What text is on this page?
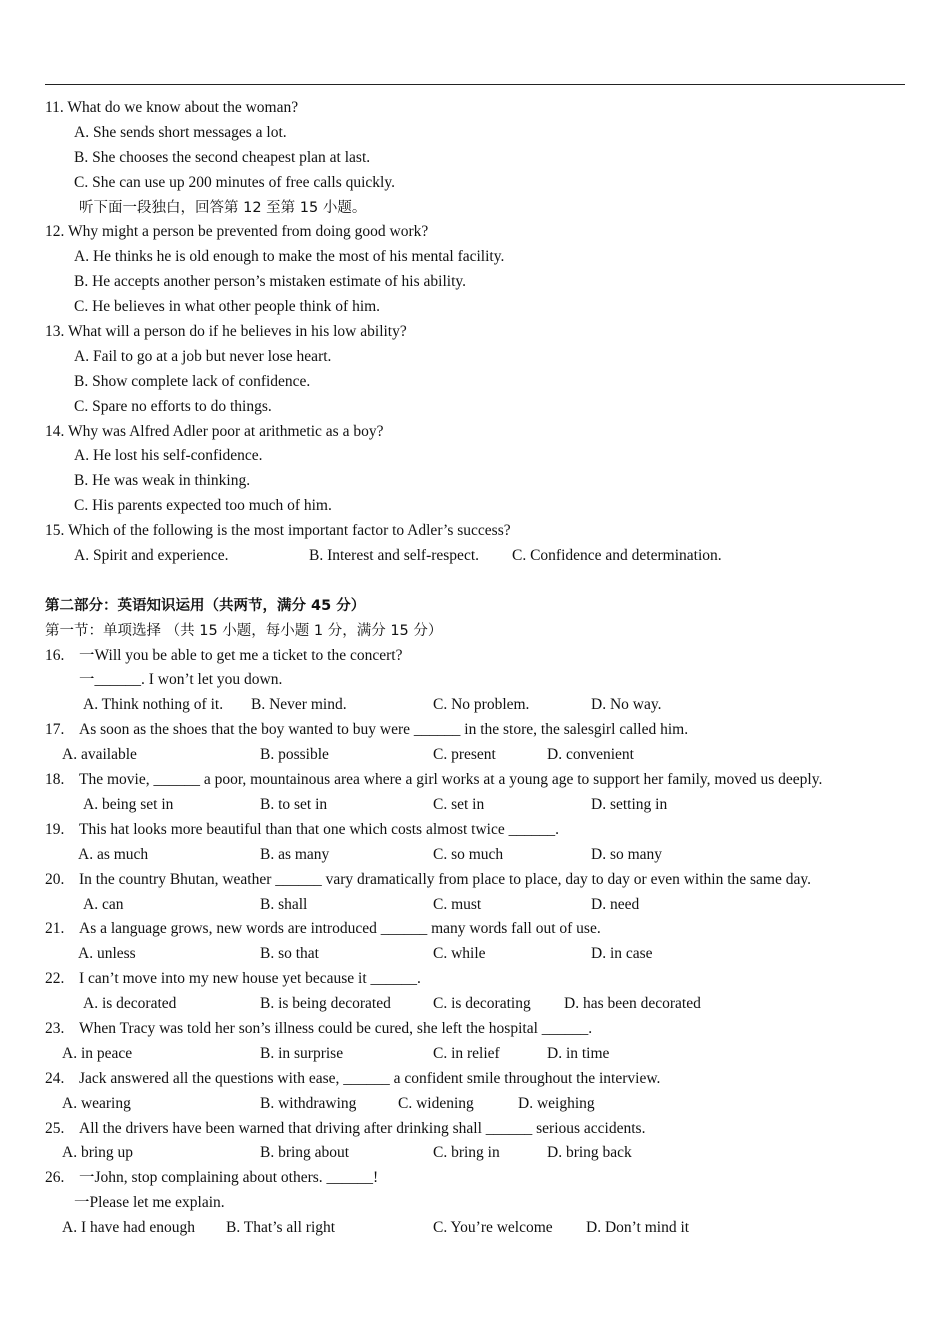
11. What do we know about the woman?
A. She sends short messages a lot.
B. She chooses the second cheapest plan at last.
C. She can use up 200 minutes of free calls quickly.
听下面一段独白，回答第 12 至第 15 小题。
12. Why might a person be prevented from doing good work?
A. He thinks he is old enough to make the most of his mental facility.
B. He accepts another person’s mistaken estimate of his ability.
C. He believes in what other people think of him.
13. What will a person do if he believes in his low ability?
A. Fail to go at a job but never lose heart.
B. Show complete lack of confidence.
C. Spare no efforts to do things.
14. Why was Alfred Adler poor at arithmetic as a boy?
A. He lost his self-confidence.
B. He was weak in thinking.
C. His parents expected too much of him.
15. Which of the following is the most important factor to Adler’s success?
A. Spirit and experience.	B. Interest and self-respect. C. Confidence and determination.
第二部分：英语知识运用（共两节，满分 45 分）
第一节：单项选择 （共 15 小题，每小题 1 分，满分 15 分）
16. 一Will you be able to get me a ticket to the concert?
一______. I won’t let you down.
A. Think nothing of it. B. Never mind.	C. No problem.	D. No way.
17. As soon as the shoes that the boy wanted to buy were ______ in the store, the salesgirl called him.
A. available	B. possible	C. present	D. convenient
18. The movie, ______ a poor, mountainous area where a girl works at a young age to support her family, moved us deeply.
A. being set in	B. to set in	C. set in	D. setting in
19. This hat looks more beautiful than that one which costs almost twice ______.
A. as much	B. as many	C. so much	D. so many
20. In the country Bhutan, weather ______ vary dramatically from place to place, day to day or even within the same day.
A. can	B. shall	C. must	D. need
21. As a language grows, new words are introduced ______ many words fall out of use.
A. unless	B. so that	C. while	D. in case
22. I can’t move into my new house yet because it ______.
A. is decorated	B. is being decorated	C. is decorating D. has been decorated
23. When Tracy was told her son’s illness could be cured, she left the hospital ______.
A. in peace	B. in surprise	C. in relief	D. in time
24. Jack answered all the questions with ease, ______ a confident smile throughout the interview.
A. wearing	B. withdrawing	C. widening	D. weighing
25. All the drivers have been warned that driving after drinking shall ______ serious accidents.
A. bring up	B. bring about	C. bring in	D. bring back
26. 一John, stop complaining about others. ______!
一Please let me explain.
A. I have had enough B. That’s all right	C. You’re welcome D. Don’t mind it
